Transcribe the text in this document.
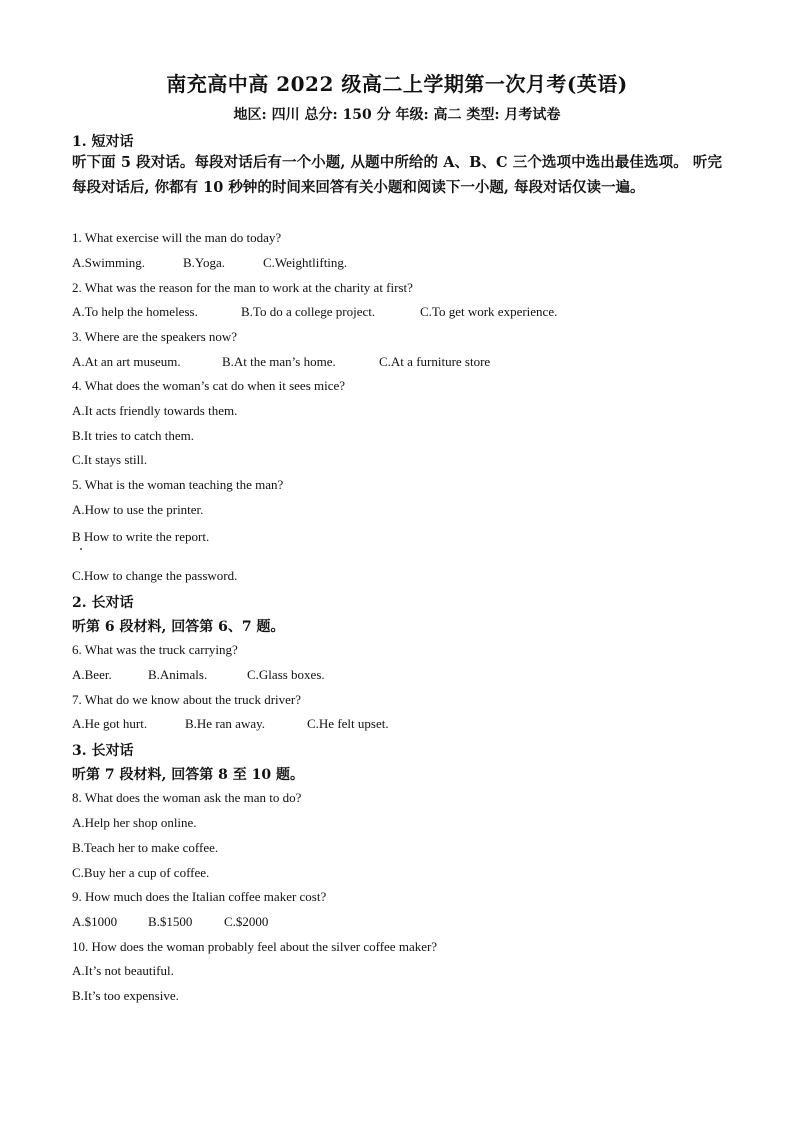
南充高中高 2022 级高二上学期第一次月考(英语)
地区: 四川 总分: 150 分 年级: 高二 类型: 月考试卷
1. 短对话
听下面 5 段对话。每段对话后有一个小题, 从题中所给的 A、B、C 三个选项中选出最佳选项。 听完每段对话后, 你都有 10 秒钟的时间来回答有关小题和阅读下一小题, 每段对话仅读一遍。
1. What exercise will the man do today?
A.Swimming.	B.Yoga.	C.Weightlifting.
2. What was the reason for the man to work at the charity at first?
A.To help the homeless.	B.To do a college project.	C.To get work experience.
3. Where are the speakers now?
A.At an art museum.	B.At the man’s home.	C.At a furniture store
4. What does the woman’s cat do when it sees mice?
A.It acts friendly towards them.
B.It tries to catch them.
C.It stays still.
5. What is the woman teaching the man?
A.How to use the printer.
B How to write the report.
C.How to change the password.
2. 长对话
听第 6 段材料, 回答第 6、7 题。
6. What was the truck carrying?
A.Beer.	B.Animals.	C.Glass boxes.
7. What do we know about the truck driver?
A.He got hurt.	B.He ran away.	C.He felt upset.
3. 长对话
听第 7 段材料, 回答第 8 至 10 题。
8. What does the woman ask the man to do?
A.Help her shop online.
B.Teach her to make coffee.
C.Buy her a cup of coffee.
9. How much does the Italian coffee maker cost?
A.$1000 B.$1500 C.$2000
10. How does the woman probably feel about the silver coffee maker?
A.It’s not beautiful.
B.It’s too expensive.
